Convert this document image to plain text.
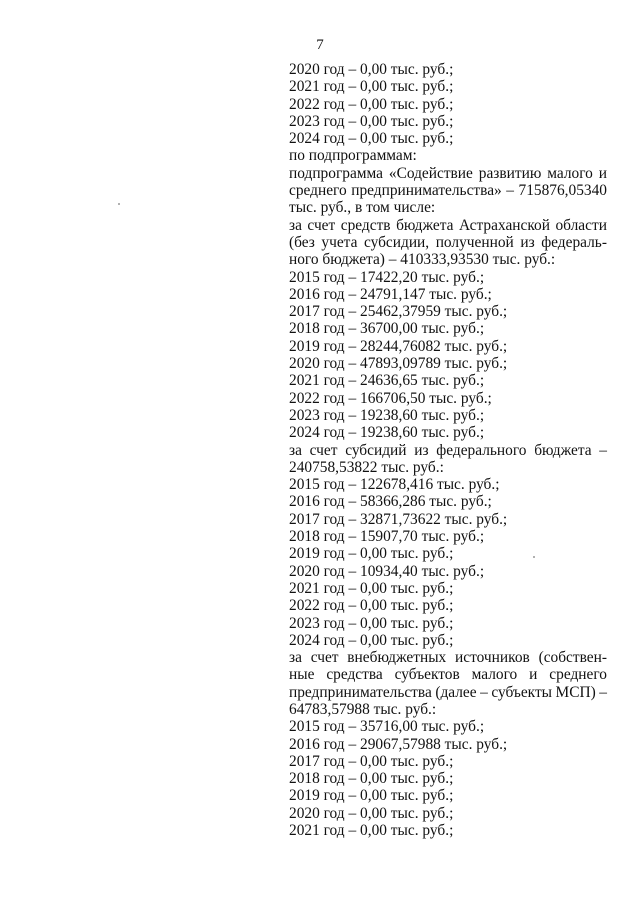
7
2020 год – 0,00 тыс. руб.;
2021 год – 0,00 тыс. руб.;
2022 год – 0,00 тыс. руб.;
2023 год – 0,00 тыс. руб.;
2024 год – 0,00 тыс. руб.;
по подпрограммам:
подпрограмма «Содействие развитию малого и
среднего предпринимательства» – 715876,05340
тыс. руб., в том числе:
за счет средств бюджета Астраханской области
(без учета субсидии, полученной из федераль-
ного бюджета) – 410333,93530 тыс. руб.:
2015 год – 17422,20 тыс. руб.;
2016 год – 24791,147 тыс. руб.;
2017 год – 25462,37959 тыс. руб.;
2018 год – 36700,00 тыс. руб.;
2019 год – 28244,76082 тыс. руб.;
2020 год – 47893,09789 тыс. руб.;
2021 год – 24636,65 тыс. руб.;
2022 год – 166706,50 тыс. руб.;
2023 год – 19238,60 тыс. руб.;
2024 год – 19238,60 тыс. руб.;
за счет субсидий из федерального бюджета –
240758,53822 тыс. руб.:
2015 год – 122678,416 тыс. руб.;
2016 год – 58366,286 тыс. руб.;
2017 год – 32871,73622 тыс. руб.;
2018 год – 15907,70 тыс. руб.;
2019 год – 0,00 тыс. руб.;
2020 год – 10934,40 тыс. руб.;
2021 год – 0,00 тыс. руб.;
2022 год – 0,00 тыс. руб.;
2023 год – 0,00 тыс. руб.;
2024 год – 0,00 тыс. руб.;
за счет внебюджетных источников (собствен-
ные средства субъектов малого и среднего
предпринимательства (далее – субъекты МСП) –
64783,57988 тыс. руб.:
2015 год – 35716,00 тыс. руб.;
2016 год – 29067,57988 тыс. руб.;
2017 год – 0,00 тыс. руб.;
2018 год – 0,00 тыс. руб.;
2019 год – 0,00 тыс. руб.;
2020 год – 0,00 тыс. руб.;
2021 год – 0,00 тыс. руб.;
